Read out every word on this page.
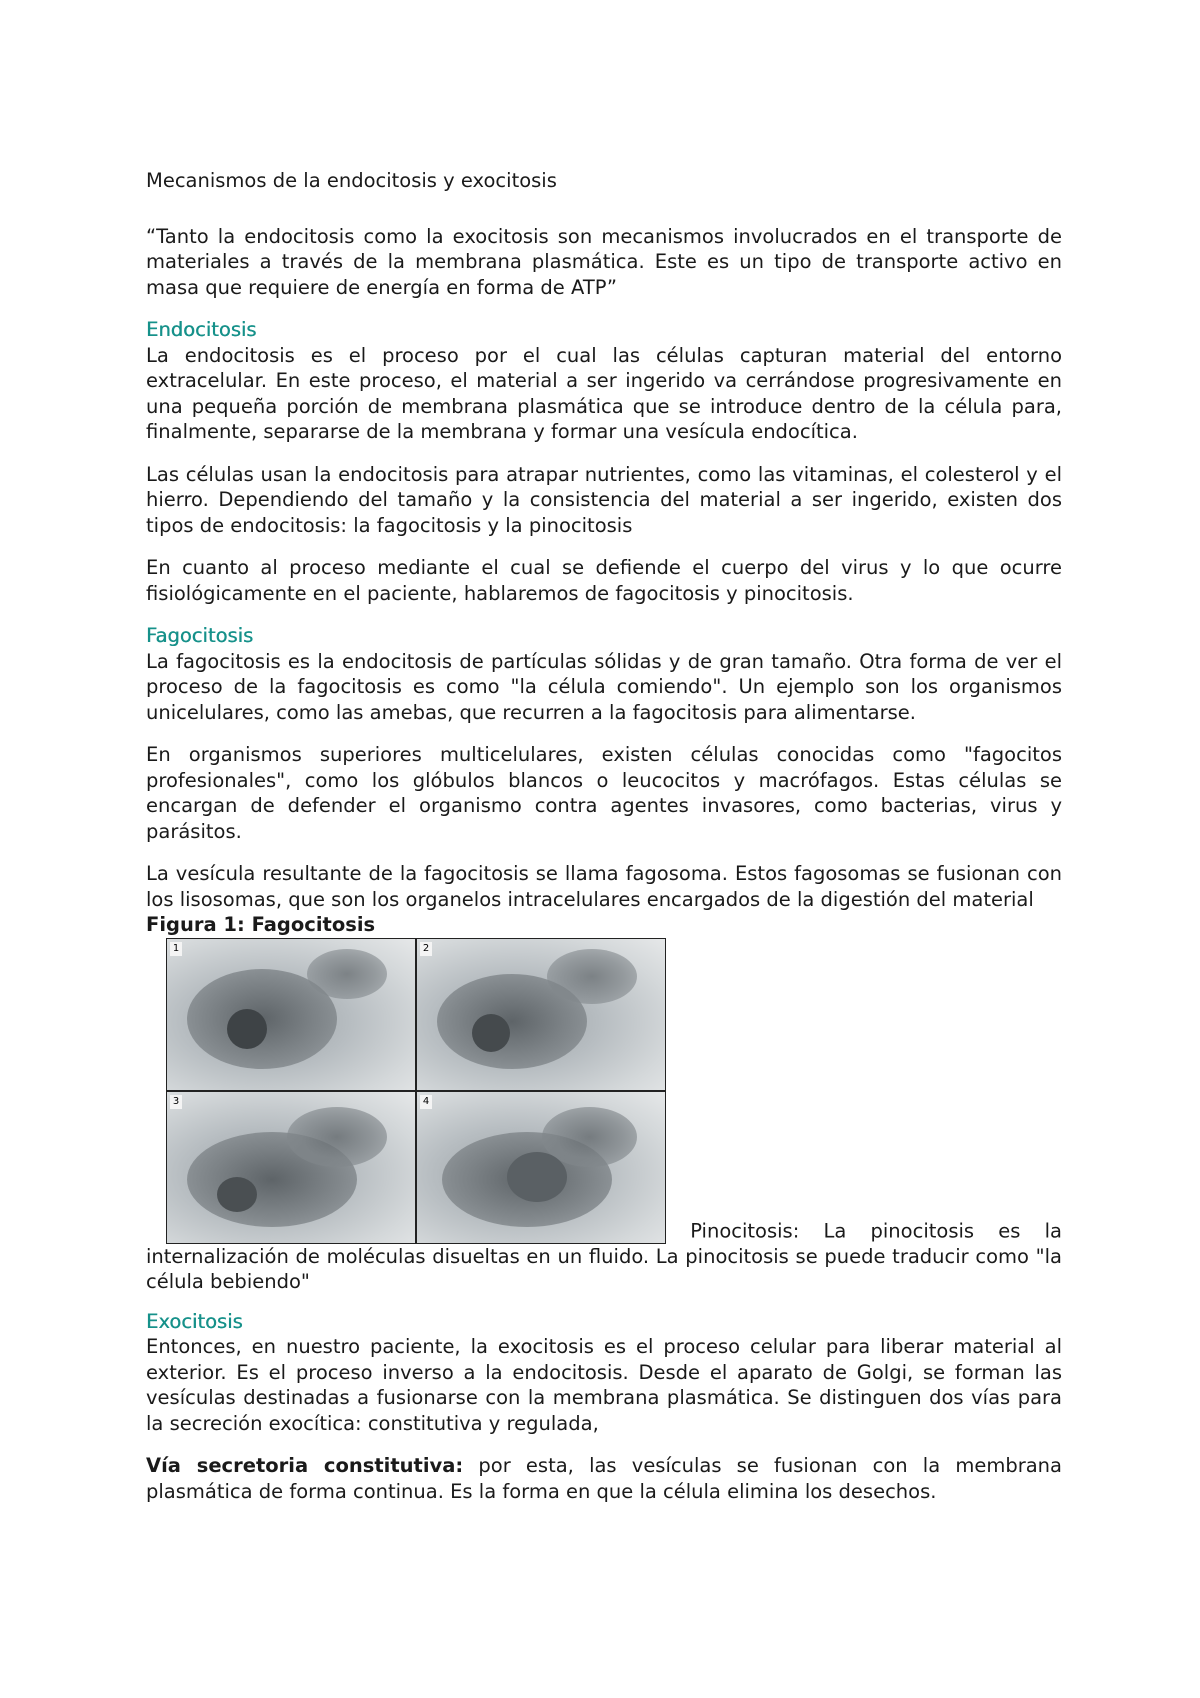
Mecanismos de la endocitosis y exocitosis

“Tanto la endocitosis como la exocitosis son mecanismos involucrados en el transporte de materiales a través de la membrana plasmática. Este es un tipo de transporte activo en masa que requiere de energía en forma de ATP”

Endocitosis

La endocitosis es el proceso por el cual las células capturan material del entorno extracelular. En este proceso, el material a ser ingerido va cerrándose progresivamente en una pequeña porción de membrana plasmática que se introduce dentro de la célula para, finalmente, separarse de la membrana y formar una vesícula endocítica.

Las células usan la endocitosis para atrapar nutrientes, como las vitaminas, el colesterol y el hierro. Dependiendo del tamaño y la consistencia del material a ser ingerido, existen dos tipos de endocitosis: la fagocitosis y la pinocitosis

En cuanto al proceso mediante el cual se defiende el cuerpo del virus y lo que ocurre fisiológicamente en el paciente, hablaremos de fagocitosis y pinocitosis.

Fagocitosis

La fagocitosis es la endocitosis de partículas sólidas y de gran tamaño. Otra forma de ver el proceso de la fagocitosis es como "la célula comiendo". Un ejemplo son los organismos unicelulares, como las amebas, que recurren a la fagocitosis para alimentarse.

En organismos superiores multicelulares, existen células conocidas como "fagocitos profesionales", como los glóbulos blancos o leucocitos y macrófagos. Estas células se encargan de defender el organismo contra agentes invasores, como bacterias, virus y parásitos.

La vesícula resultante de la fagocitosis se llama fagosoma. Estos fagosomas se fusionan con los lisosomas, que son los organelos intracelulares encargados de la digestión del material

Figura 1: Fagocitosis

1	2
3	4
Pinocitosis: La pinocitosis es la internalización de moléculas disueltas en un fluido. La pinocitosis se puede traducir como "la célula bebiendo"
Exocitosis

Entonces, en nuestro paciente, la exocitosis es el proceso celular para liberar material al exterior. Es el proceso inverso a la endocitosis. Desde el aparato de Golgi, se forman las vesículas destinadas a fusionarse con la membrana plasmática. Se distinguen dos vías para la secreción exocítica: constitutiva y regulada,

Vía secretoria constitutiva: por esta, las vesículas se fusionan con la membrana plasmática de forma continua. Es la forma en que la célula elimina los desechos.
